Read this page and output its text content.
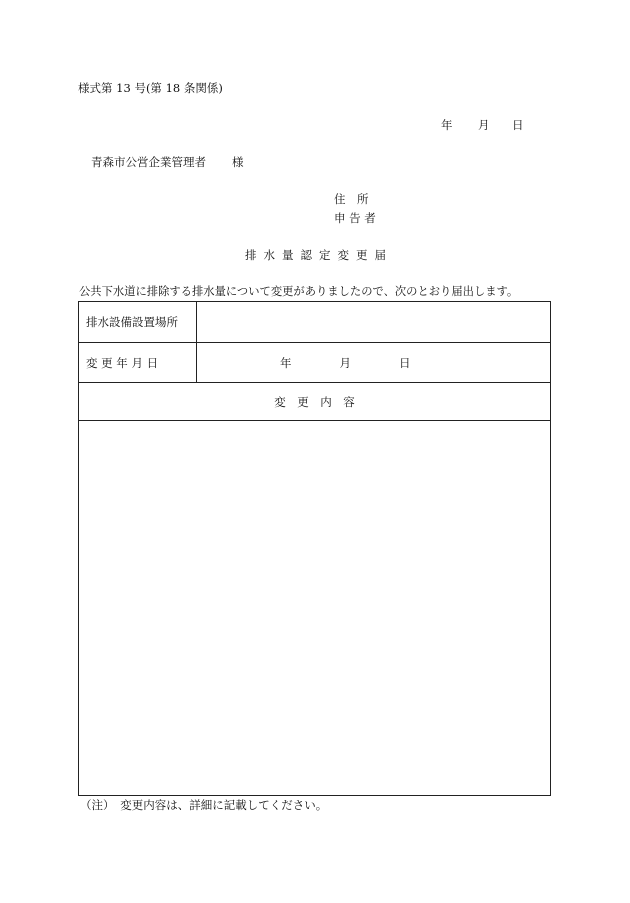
様式第 13 号(第 18 条関係)
年 月 日
青森市公営企業管理者 様
住　所
申 告 者
排水量認定変更届
公共下水道に排除する排水量について変更がありましたので、次のとおり届出します。
排水設備設置場所	
変 更 年 月 日	年 月 日
変　更　内　容	

（注）　変更内容は、詳細に記載してください。
